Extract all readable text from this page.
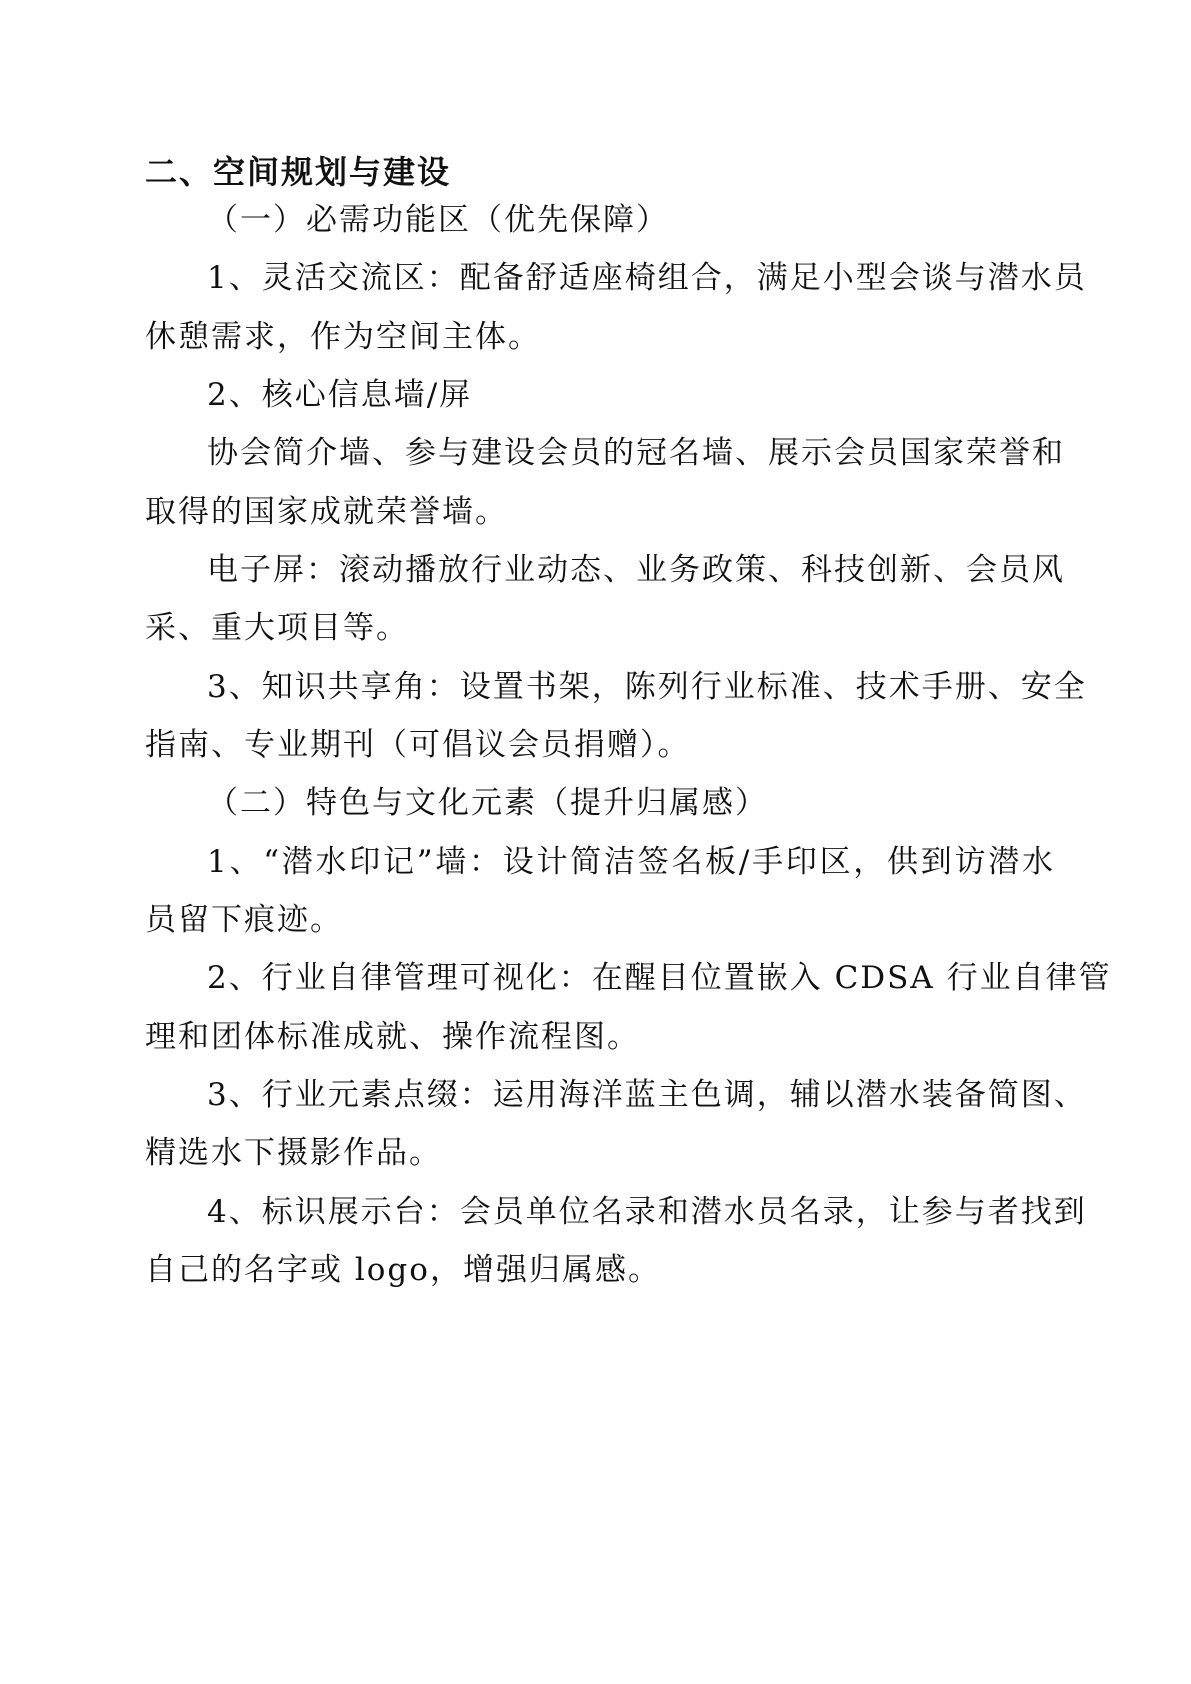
二、空间规划与建设
（一）必需功能区（优先保障）
1、灵活交流区：配备舒适座椅组合，满足小型会谈与潜水员
休憩需求，作为空间主体。
2、核心信息墙/屏
协会简介墙、参与建设会员的冠名墙、展示会员国家荣誉和
取得的国家成就荣誉墙。
电子屏：滚动播放行业动态、业务政策、科技创新、会员风
采、重大项目等。
3、知识共享角：设置书架，陈列行业标准、技术手册、安全
指南、专业期刊（可倡议会员捐赠）。
（二）特色与文化元素（提升归属感）
1、“潜水印记”墙：设计简洁签名板/手印区，供到访潜水
员留下痕迹。
2、行业自律管理可视化：在醒目位置嵌入 CDSA 行业自律管
理和团体标准成就、操作流程图。
3、行业元素点缀：运用海洋蓝主色调，辅以潜水装备简图、
精选水下摄影作品。
4、标识展示台：会员单位名录和潜水员名录，让参与者找到
自己的名字或 logo，增强归属感。
